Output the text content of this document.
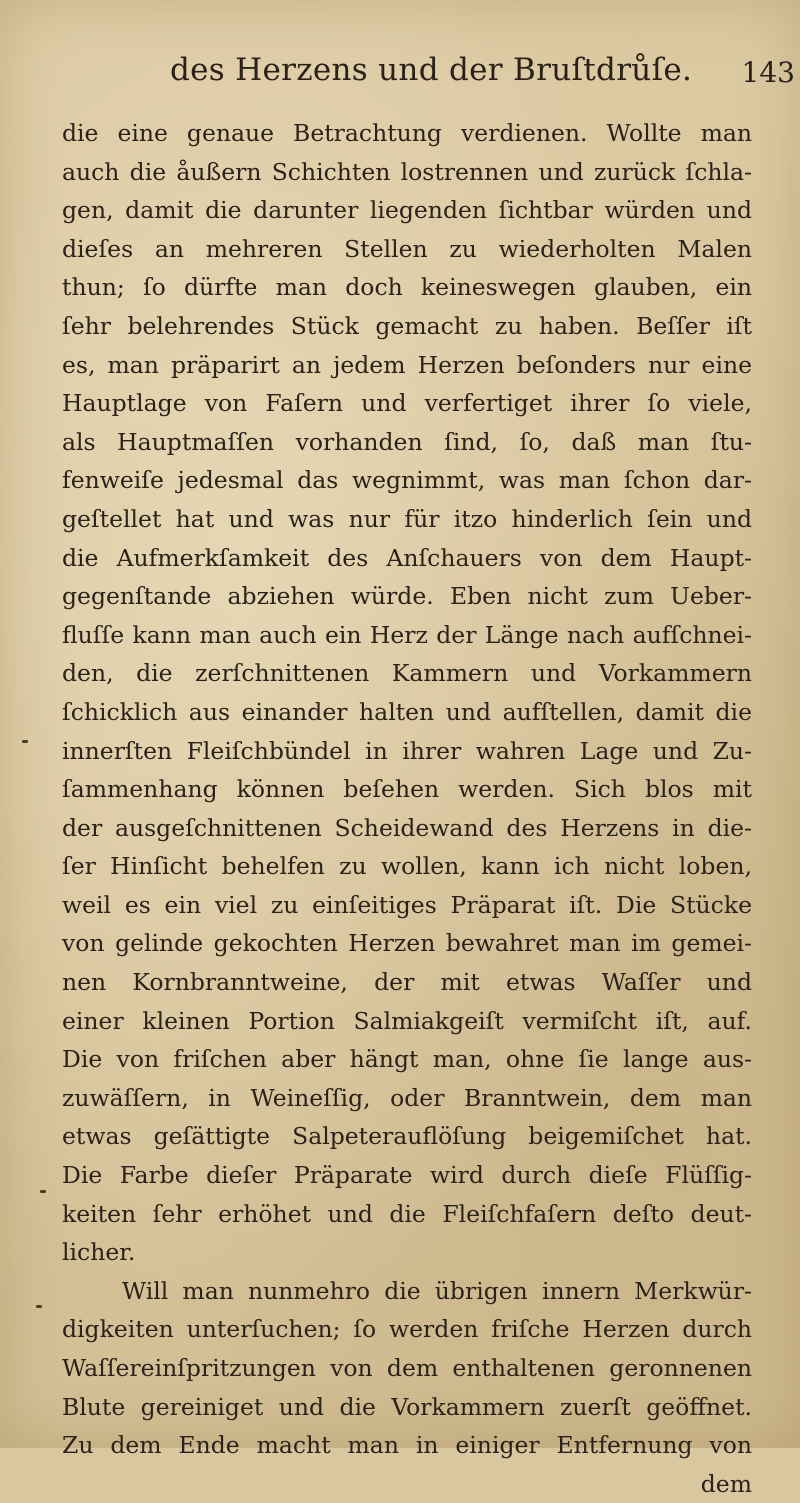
des Herzens und der Bruſtdrůſe. 143
die eine genaue Betrachtung verdienen. Wollte man
auch die åußern Schichten lostrennen und zurück ſchla-
gen, damit die darunter liegenden ſichtbar würden und
dieſes an mehreren Stellen zu wiederholten Malen
thun; ſo dürfte man doch keineswegen glauben, ein
ſehr belehrendes Stück gemacht zu haben. Beſſer iſt
es, man präparirt an jedem Herzen beſonders nur eine
Hauptlage von Faſern und verfertiget ihrer ſo viele,
als Hauptmaſſen vorhanden ſind, ſo, daß man ſtu-
fenweiſe jedesmal das wegnimmt, was man ſchon dar-
geſtellet hat und was nur für itzo hinderlich ſein und
die Aufmerkſamkeit des Anſchauers von dem Haupt-
gegenſtande abziehen würde. Eben nicht zum Ueber-
fluſſe kann man auch ein Herz der Länge nach aufſchnei-
den, die zerſchnittenen Kammern und Vorkammern
ſchicklich aus einander halten und aufſtellen, damit die
innerſten Fleiſchbündel in ihrer wahren Lage und Zu-
ſammenhang können beſehen werden. Sich blos mit
der ausgeſchnittenen Scheidewand des Herzens in die-
ſer Hinſicht behelfen zu wollen, kann ich nicht loben,
weil es ein viel zu einſeitiges Präparat iſt. Die Stücke
von gelinde gekochten Herzen bewahret man im gemei-
nen Kornbranntweine, der mit etwas Waſſer und
einer kleinen Portion Salmiakgeiſt vermiſcht iſt, auf.
Die von friſchen aber hängt man, ohne ſie lange aus-
zuwäſſern, in Weineſſig, oder Branntwein, dem man
etwas geſättigte Salpeterauflöſung beigemiſchet hat.
Die Farbe dieſer Präparate wird durch dieſe Flüſſig-
keiten ſehr erhöhet und die Fleiſchfaſern deſto deut-
licher.
Will man nunmehro die übrigen innern Merkwür-
digkeiten unterſuchen; ſo werden friſche Herzen durch
Waſſereinſpritzungen von dem enthaltenen geronnenen
Blute gereiniget und die Vorkammern zuerſt geöffnet.
Zu dem Ende macht man in einiger Entfernung von
dem
